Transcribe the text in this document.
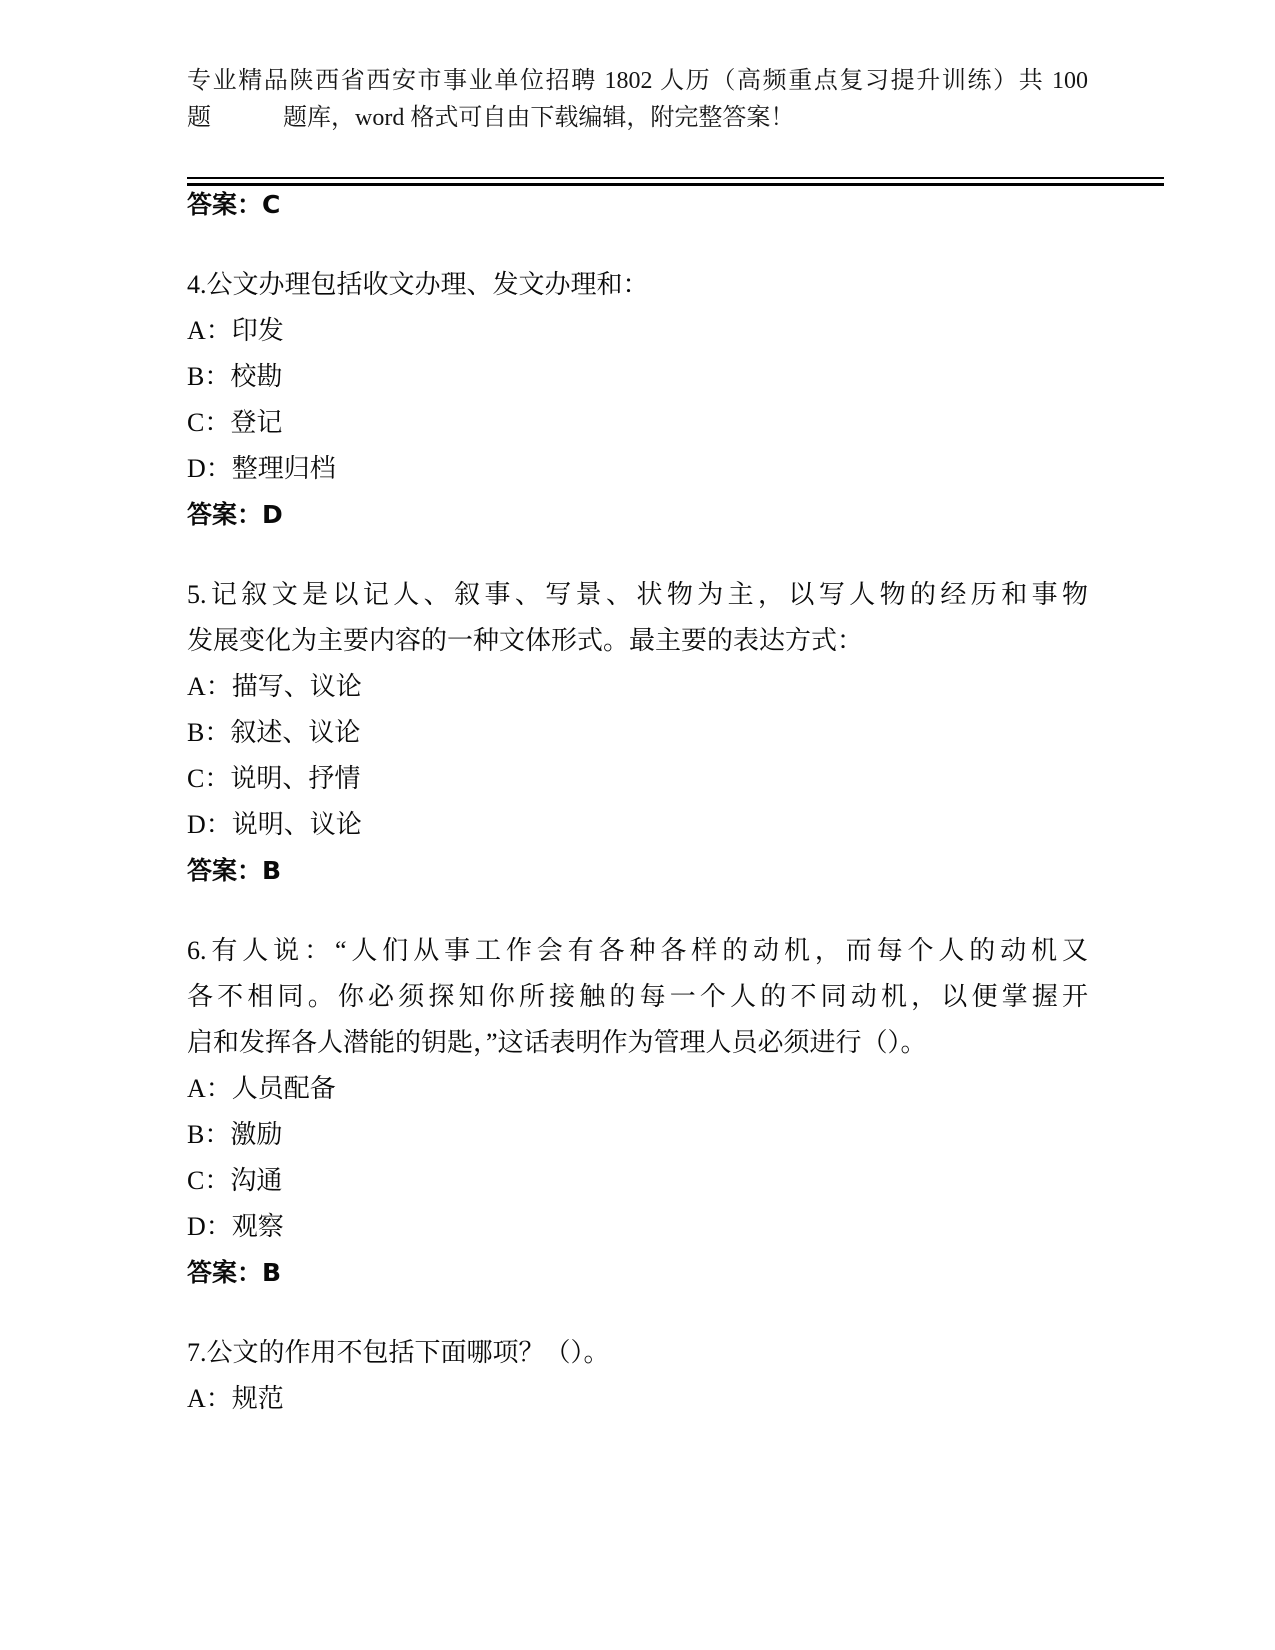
专业精品陕西省西安市事业单位招聘 1802 人历（高频重点复习提升训练）共 100
题　　　题库，word 格式可自由下载编辑，附完整答案！
答案：C
4.公文办理包括收文办理、发文办理和：
A：印发
B：校勘
C：登记
D：整理归档
答案：D
5.记叙文是以记人、叙事、写景、状物为主，以写人物的经历和事物
发展变化为主要内容的一种文体形式。最主要的表达方式：
A：描写、议论
B：叙述、议论
C：说明、抒情
D：说明、议论
答案：B
6.有人说：“人们从事工作会有各种各样的动机，而每个人的动机又
各不相同。你必须探知你所接触的每一个人的不同动机，以便掌握开
启和发挥各人潜能的钥匙，”这话表明作为管理人员必须进行（）。
A：人员配备
B：激励
C：沟通
D：观察
答案：B
7.公文的作用不包括下面哪项？（）。
A：规范
